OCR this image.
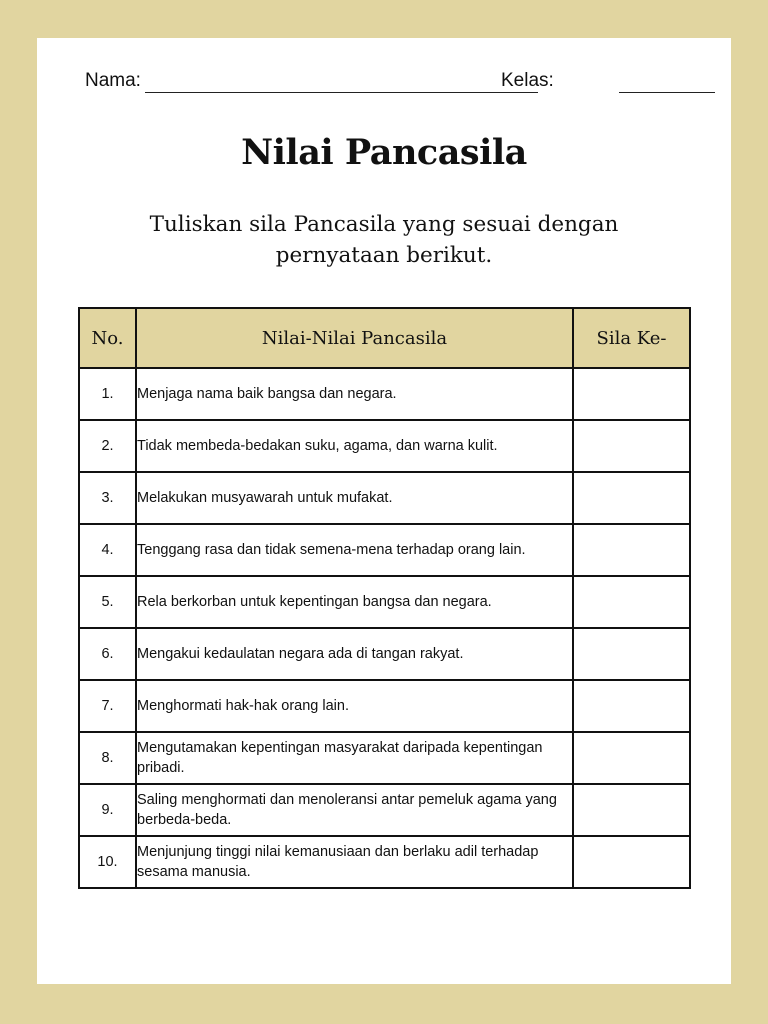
Nama:	Kelas:
Nilai Pancasila
Tuliskan sila Pancasila yang sesuai dengan pernyataan berikut.
No.	Nilai-Nilai Pancasila	Sila Ke-
1.	Menjaga nama baik bangsa dan negara.	
2.	Tidak membeda-bedakan suku, agama, dan warna kulit.	
3.	Melakukan musyawarah untuk mufakat.	
4.	Tenggang rasa dan tidak semena-mena terhadap orang lain.	
5.	Rela berkorban untuk kepentingan bangsa dan negara.	
6.	Mengakui kedaulatan negara ada di tangan rakyat.	
7.	Menghormati hak-hak orang lain.	
8.	Mengutamakan kepentingan masyarakat daripada kepentingan pribadi.	
9.	Saling menghormati dan menoleransi antar pemeluk agama yang berbeda-beda.	
10.	Menjunjung tinggi nilai kemanusiaan dan berlaku adil terhadap sesama manusia.	
